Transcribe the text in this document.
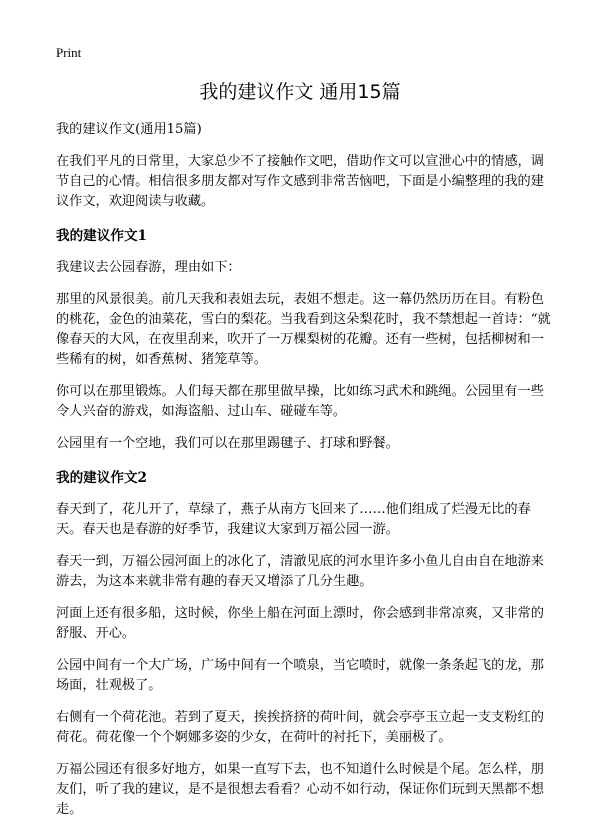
Print
我的建议作文 通用15篇

我的建议作文(通用15篇)

在我们平凡的日常里，大家总少不了接触作文吧，借助作文可以宣泄心中的情感，调节自己的心情。相信很多朋友都对写作文感到非常苦恼吧，下面是小编整理的我的建议作文，欢迎阅读与收藏。

我的建议作文1

我建议去公园春游，理由如下：

那里的风景很美。前几天我和表姐去玩，表姐不想走。这一幕仍然历历在目。有粉色的桃花，金色的油菜花，雪白的梨花。当我看到这朵梨花时，我不禁想起一首诗：“就像春天的大风，在夜里刮来，吹开了一万棵梨树的花瓣。还有一些树，包括柳树和一些稀有的树，如香蕉树、猪笼草等。

你可以在那里锻炼。人们每天都在那里做早操，比如练习武术和跳绳。公园里有一些令人兴奋的游戏，如海盗船、过山车、碰碰车等。

公园里有一个空地，我们可以在那里踢毽子、打球和野餐。

我的建议作文2

春天到了，花儿开了，草绿了，燕子从南方飞回来了……他们组成了烂漫无比的春天。春天也是春游的好季节，我建议大家到万福公园一游。

春天一到，万福公园河面上的冰化了，清澈见底的河水里许多小鱼儿自由自在地游来游去，为这本来就非常有趣的春天又增添了几分生趣。

河面上还有很多船，这时候，你坐上船在河面上漂时，你会感到非常凉爽，又非常的舒服、开心。

公园中间有一个大广场，广场中间有一个喷泉，当它喷时，就像一条条起飞的龙，那场面，壮观极了。

右侧有一个荷花池。若到了夏天，挨挨挤挤的荷叶间，就会亭亭玉立起一支支粉红的荷花。荷花像一个个婀娜多姿的少女，在荷叶的衬托下，美丽极了。

万福公园还有很多好地方，如果一直写下去，也不知道什么时候是个尾。怎么样，朋友们，听了我的建议，是不是很想去看看？心动不如行动，保证你们玩到天黑都不想走。
